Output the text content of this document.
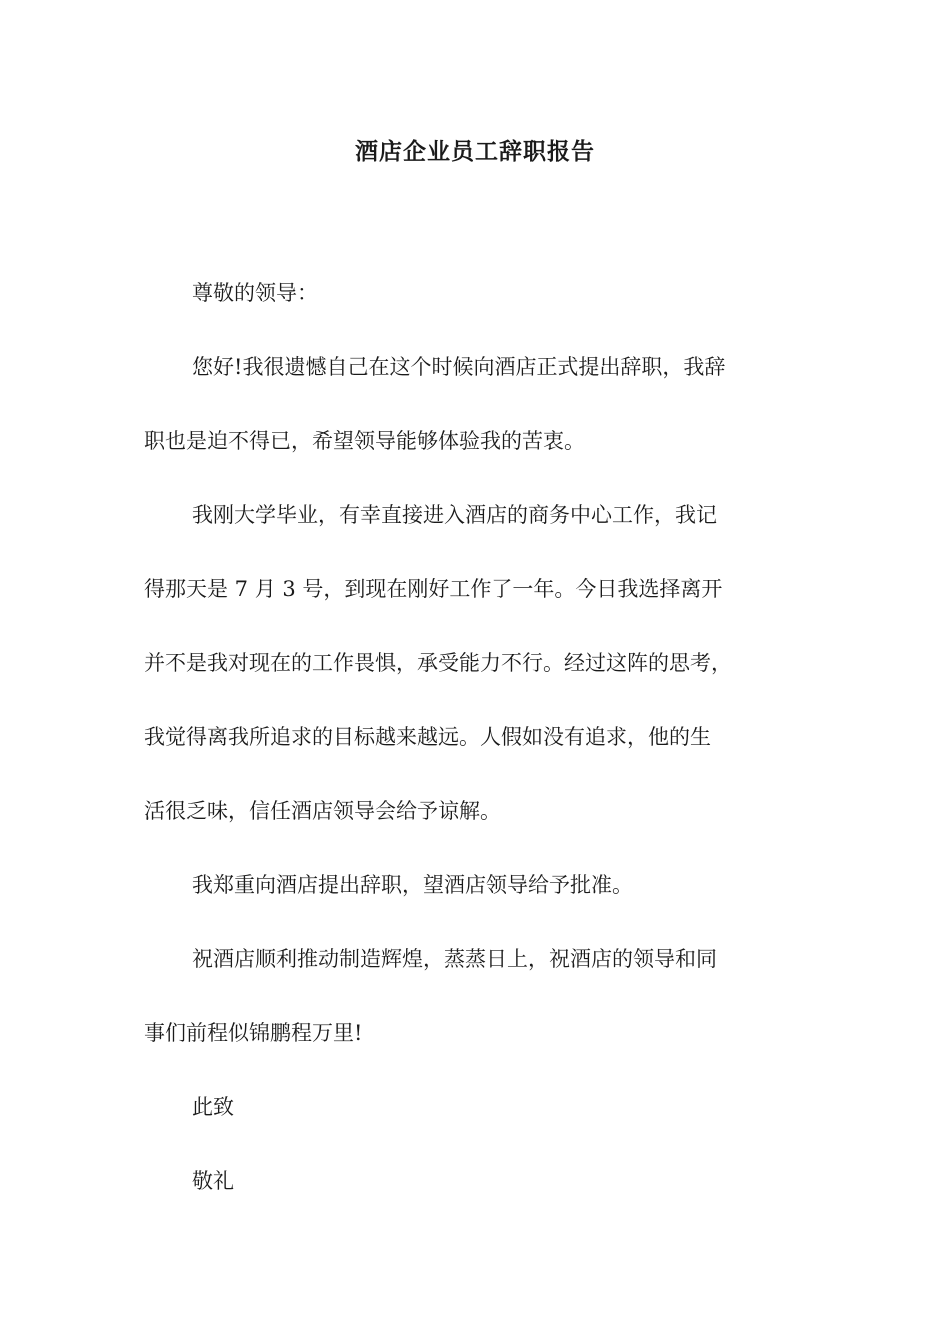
酒店企业员工辞职报告
尊敬的领导：
您好!我很遗憾自己在这个时候向酒店正式提出辞职，我辞
职也是迫不得已，希望领导能够体验我的苦衷。
我刚大学毕业，有幸直接进入酒店的商务中心工作，我记
得那天是 7 月 3 号，到现在刚好工作了一年。今日我选择离开
并不是我对现在的工作畏惧，承受能力不行。经过这阵的思考，
我觉得离我所追求的目标越来越远。人假如没有追求，他的生
活很乏味，信任酒店领导会给予谅解。
我郑重向酒店提出辞职，望酒店领导给予批准。
祝酒店顺利推动制造辉煌，蒸蒸日上，祝酒店的领导和同
事们前程似锦鹏程万里!
此致
敬礼
